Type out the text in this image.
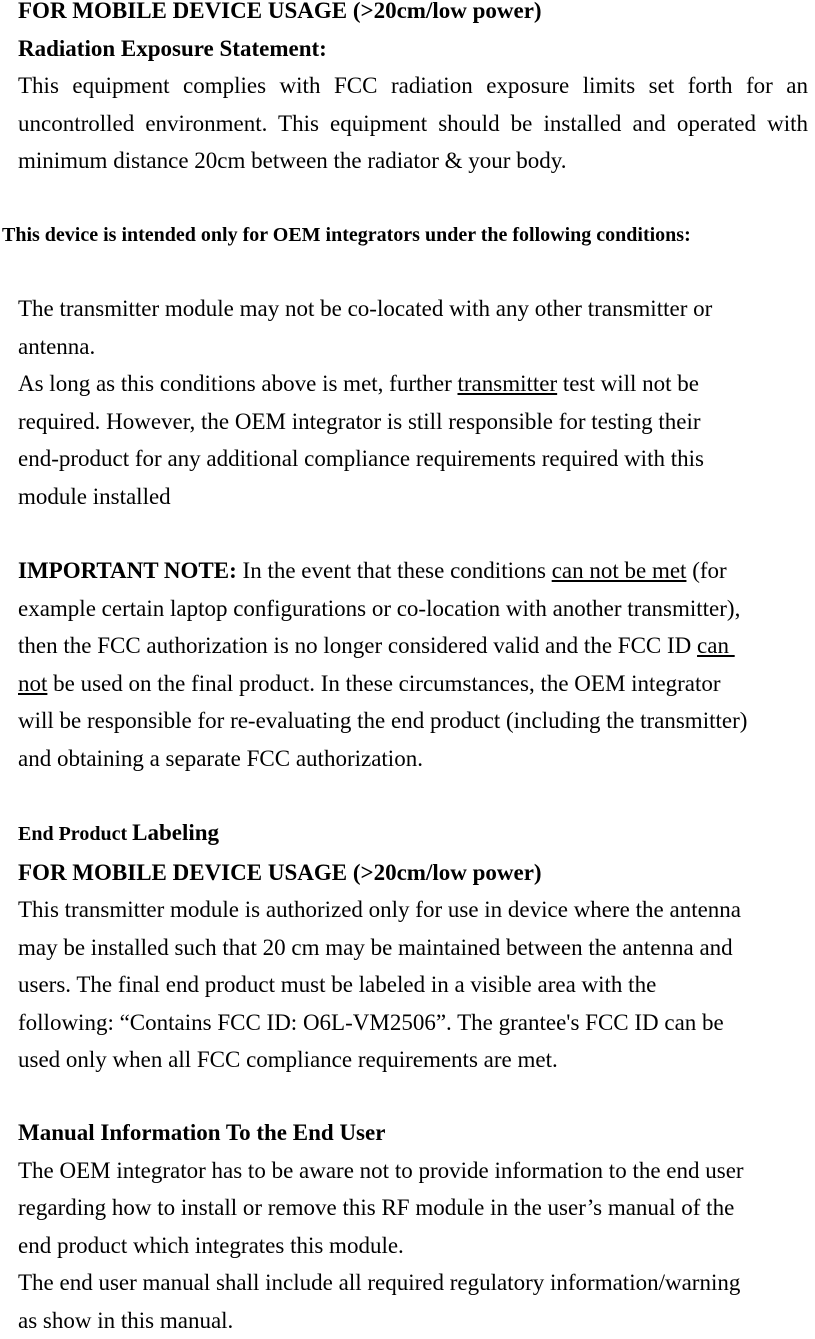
FOR MOBILE DEVICE USAGE (>20cm/low power)
Radiation Exposure Statement:

This equipment complies with FCC radiation exposure limits set forth for an uncontrolled environment. This equipment should be installed and operated with minimum distance 20cm between the radiator & your body.

This device is intended only for OEM integrators under the following conditions:

The transmitter module may not be co-located with any other transmitter or
antenna.
As long as this conditions above is met, further transmitter test will not be
required. However, the OEM integrator is still responsible for testing their
end-product for any additional compliance requirements required with this
module installed
IMPORTANT NOTE: In the event that these conditions can not be met (for
example certain laptop configurations or co-location with another transmitter),
then the FCC authorization is no longer considered valid and the FCC ID can
not be used on the final product. In these circumstances, the OEM integrator
will be responsible for re-evaluating the end product (including the transmitter)
and obtaining a separate FCC authorization.
End Product Labeling
FOR MOBILE DEVICE USAGE (>20cm/low power)
This transmitter module is authorized only for use in device where the antenna
may be installed such that 20 cm may be maintained between the antenna and
users. The final end product must be labeled in a visible area with the
following: “Contains FCC ID: O6L-VM2506”. The grantee's FCC ID can be
used only when all FCC compliance requirements are met.
Manual Information To the End User
The OEM integrator has to be aware not to provide information to the end user
regarding how to install or remove this RF module in the user’s manual of the
end product which integrates this module.
The end user manual shall include all required regulatory information/warning
as show in this manual.
